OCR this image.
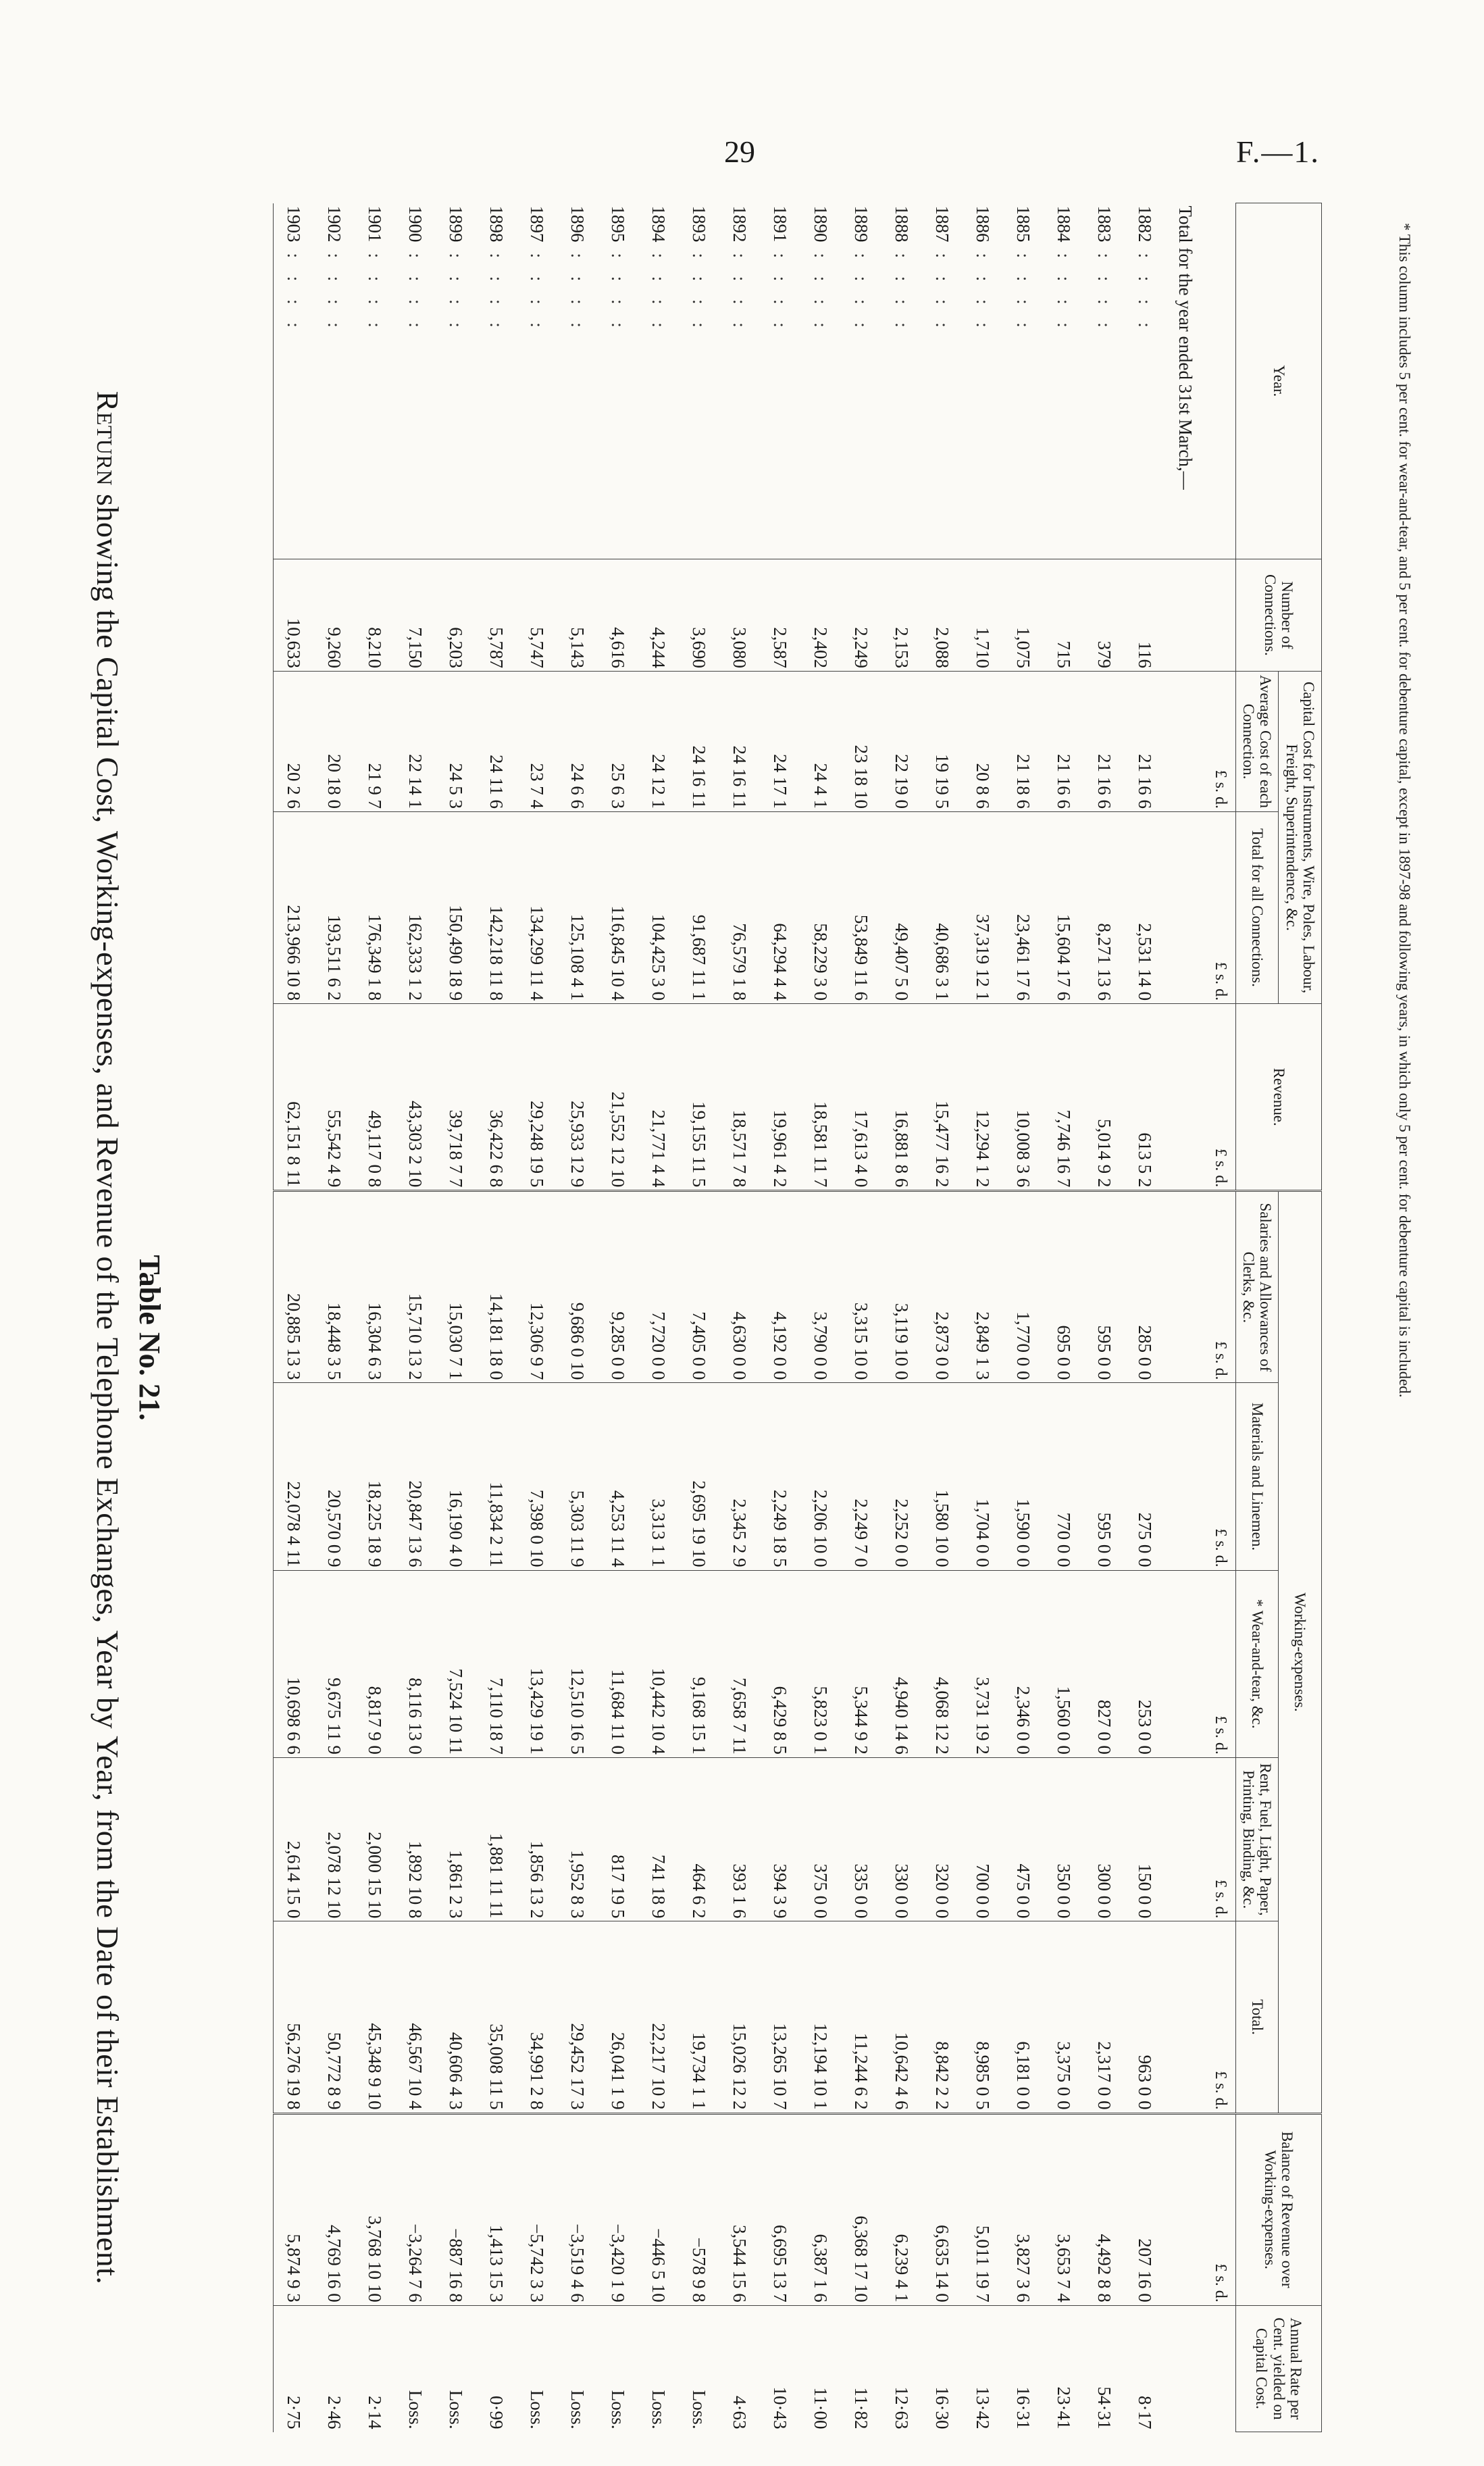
29	F.—1.
Table No. 21.
Return showing the Capital Cost, Working-expenses, and Revenue of the Telephone Exchanges, Year by Year, from the Date of their Establishment.
Year.	Number of Connections.	Capital Cost for Instruments, Wire, Poles, Labour, Freight, Superintendence, &c.		Revenue.	Working-expenses.					Balance of Revenue over Working-expenses.	Annual Rate per Cent. yielded on Capital Cost.
		Average Cost of each Connection.	Total for all Connections.		Salaries and Allowances of Clerks, &c.	Materials and Linemen.	* Wear-and-tear, &c.	Rent, Fuel, Light, Paper, Printing, Binding, &c.	Total.		
		£ s. d.	£ s. d.	£ s. d.	£ s. d.	£ s. d.	£ s. d.	£ s. d.	£ s. d.	£ s. d.	
Total for the year ended 31st March,—											
1882: : : :	116	21 16 6	2,531 14 0	613 5 2	285 0 0	275 0 0	253 0 0	150 0 0	963 0 0	207 16 0	8·17
1883: : : :	379	21 16 6	8,271 13 6	5,014 9 2	595 0 0	595 0 0	827 0 0	300 0 0	2,317 0 0	4,492 8 8	54·31
1884: : : :	715	21 16 6	15,604 17 6	7,746 16 7	695 0 0	770 0 0	1,560 0 0	350 0 0	3,375 0 0	3,653 7 4	23·41
1885: : : :	1,075	21 18 6	23,461 17 6	10,008 3 6	1,770 0 0	1,590 0 0	2,346 0 0	475 0 0	6,181 0 0	3,827 3 6	16·31
1886: : : :	1,710	20 8 6	37,319 12 1	12,294 1 2	2,849 1 3	1,704 0 0	3,731 19 2	700 0 0	8,985 0 5	5,011 19 7	13·42
1887: : : :	2,088	19 19 5	40,686 3 1	15,477 16 2	2,873 0 0	1,580 10 0	4,068 12 2	320 0 0	8,842 2 2	6,635 14 0	16·30
1888: : : :	2,153	22 19 0	49,407 5 0	16,881 8 6	3,119 10 0	2,252 0 0	4,940 14 6	330 0 0	10,642 4 6	6,239 4 1	12·63
1889: : : :	2,249	23 18 10	53,849 11 6	17,613 4 0	3,315 10 0	2,249 7 0	5,344 9 2	335 0 0	11,244 6 2	6,368 17 10	11·82
1890: : : :	2,402	24 4 1	58,229 3 0	18,581 11 7	3,790 0 0	2,206 10 0	5,823 0 1	375 0 0	12,194 10 1	6,387 1 6	11·00
1891: : : :	2,587	24 17 1	64,294 4 4	19,961 4 2	4,192 0 0	2,249 18 5	6,429 8 5	394 3 9	13,265 10 7	6,695 13 7	10·43
1892: : : :	3,080	24 16 11	76,579 1 8	18,571 7 8	4,630 0 0	2,345 2 9	7,658 7 11	393 1 6	15,026 12 2	3,544 15 6	4·63
1893: : : :	3,690	24 16 11	91,687 11 1	19,155 11 5	7,405 0 0	2,695 19 10	9,168 15 1	464 6 2	19,734 1 1	−578 9 8	Loss.
1894: : : :	4,244	24 12 1	104,425 3 0	21,771 4 4	7,720 0 0	3,313 1 1	10,442 10 4	741 18 9	22,217 10 2	−446 5 10	Loss.
1895: : : :	4,616	25 6 3	116,845 10 4	21,552 12 10	9,285 0 0	4,253 11 4	11,684 11 0	817 19 5	26,041 1 9	−3,420 1 9	Loss.
1896: : : :	5,143	24 6 6	125,108 4 1	25,933 12 9	9,686 0 10	5,303 11 9	12,510 16 5	1,952 8 3	29,452 17 3	−3,519 4 6	Loss.
1897: : : :	5,747	23 7 4	134,299 11 4	29,248 19 5	12,306 9 7	7,398 0 10	13,429 19 1	1,856 13 2	34,991 2 8	−5,742 3 3	Loss.
1898: : : :	5,787	24 11 6	142,218 11 8	36,422 6 8	14,181 18 0	11,834 2 11	7,110 18 7	1,881 11 11	35,008 11 5	1,413 15 3	0·99
1899: : : :	6,203	24 5 3	150,490 18 9	39,718 7 7	15,030 7 1	16,190 4 0	7,524 10 11	1,861 2 3	40,606 4 3	−887 16 8	Loss.
1900: : : :	7,150	22 14 1	162,333 1 2	43,303 2 10	15,710 13 2	20,847 13 6	8,116 13 0	1,892 10 8	46,567 10 4	−3,264 7 6	Loss.
1901: : : :	8,210	21 9 7	176,349 1 8	49,117 0 8	16,304 6 3	18,225 18 9	8,817 9 0	2,000 15 10	45,348 9 10	3,768 10 10	2·14
1902: : : :	9,260	20 18 0	193,511 6 2	55,542 4 9	18,448 3 5	20,570 0 9	9,675 11 9	2,078 12 10	50,772 8 9	4,769 16 0	2·46
1903: : : :	10,633	20 2 6	213,966 10 8	62,151 8 11	20,885 13 3	22,078 4 11	10,698 6 6	2,614 15 0	56,276 19 8	5,874 9 3	2·75
* This column includes 5 per cent. for wear-and-tear, and 5 per cent. for debenture capital, except in 1897-98 and following years, in which only 5 per cent. for debenture capital is included.
